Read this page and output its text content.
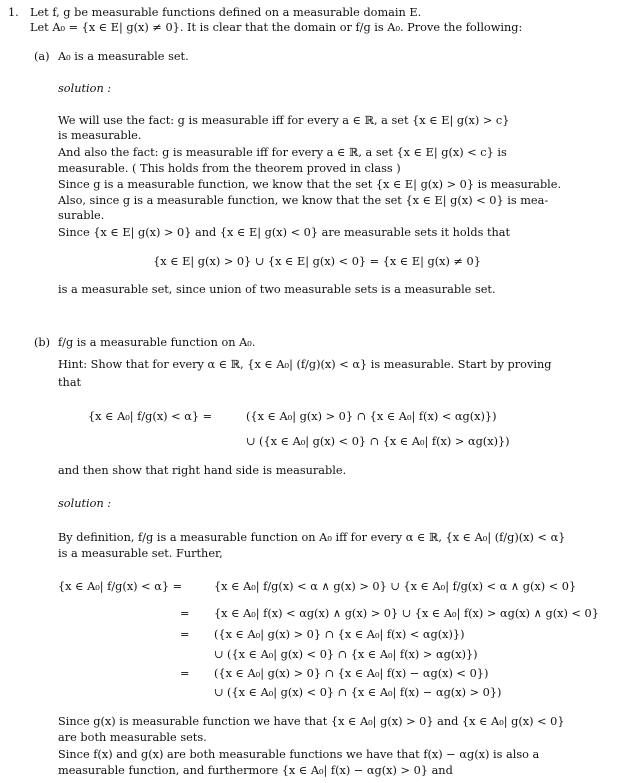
1. Let f, g be measurable functions defined on a measurable domain E.
Let A₀ = {x ∈ E| g(x) ≠ 0}. It is clear that the domain or f/g is A₀. Prove the following:
(a) A₀ is a measurable set.
solution :
We will use the fact: g is measurable iff for every a ∈ ℝ, a set {x ∈ E| g(x) > c}
is measurable.
And also the fact: g is measurable iff for every a ∈ ℝ, a set {x ∈ E| g(x) < c} is
measurable. ( This holds from the theorem proved in class )
Since g is a measurable function, we know that the set {x ∈ E| g(x) > 0} is measurable.
Also, since g is a measurable function, we know that the set {x ∈ E| g(x) < 0} is mea-
surable.
Since {x ∈ E| g(x) > 0} and {x ∈ E| g(x) < 0} are measurable sets it holds that
{x ∈ E| g(x) > 0} ∪ {x ∈ E| g(x) < 0} = {x ∈ E| g(x) ≠ 0}
is a measurable set, since union of two measurable sets is a measurable set.
(b) f/g is a measurable function on A₀.
Hint: Show that for every α ∈ ℝ, {x ∈ A₀| (f/g)(x) < α} is measurable. Start by proving
that
{x ∈ A₀| f/g(x) < α} =	({x ∈ A₀| g(x) > 0} ∩ {x ∈ A₀| f(x) < αg(x)})
∪ ({x ∈ A₀| g(x) < 0} ∩ {x ∈ A₀| f(x) > αg(x)})
and then show that right hand side is measurable.
solution :
By definition, f/g is a measurable function on A₀ iff for every α ∈ ℝ, {x ∈ A₀| (f/g)(x) < α}
is a measurable set. Further,
{x ∈ A₀| f/g(x) < α} =	{x ∈ A₀| f/g(x) < α ∧ g(x) > 0} ∪ {x ∈ A₀| f/g(x) < α ∧ g(x) < 0}
= {x ∈ A₀| f(x) < αg(x) ∧ g(x) > 0} ∪ {x ∈ A₀| f(x) > αg(x) ∧ g(x) < 0}
= ({x ∈ A₀| g(x) > 0} ∩ {x ∈ A₀| f(x) < αg(x)})
∪ ({x ∈ A₀| g(x) < 0} ∩ {x ∈ A₀| f(x) > αg(x)})
= ({x ∈ A₀| g(x) > 0} ∩ {x ∈ A₀| f(x) − αg(x) < 0})
∪ ({x ∈ A₀| g(x) < 0} ∩ {x ∈ A₀| f(x) − αg(x) > 0})
Since g(x) is measurable function we have that {x ∈ A₀| g(x) > 0} and {x ∈ A₀| g(x) < 0}
are both measurable sets.
Since f(x) and g(x) are both measurable functions we have that f(x) − αg(x) is also a
measurable function, and furthermore {x ∈ A₀| f(x) − αg(x) > 0} and
